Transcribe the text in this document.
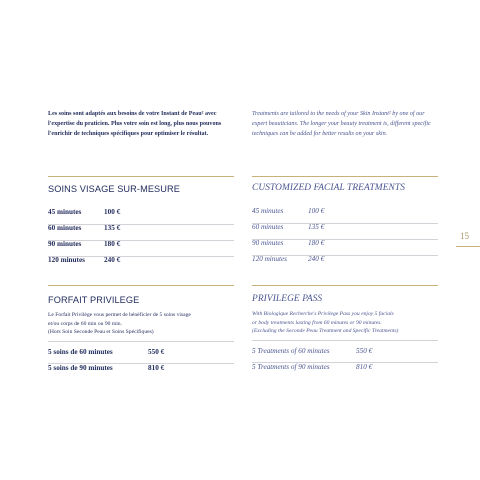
Les soins sont adaptés aux besoins de votre Instant de Peau² avec l'expertise du praticien. Plus votre soin est long, plus nous pouvons l'enrichir de techniques spécifiques pour optimiser le résultat.
Treatments are tailored to the needs of your Skin Instant² by one of our expert beauticians. The longer your beauty treatment is, different specific techniques can be added for better results on your skin.
SOINS VISAGE SUR-MESURE	CUSTOMIZED FACIAL TREATMENTS
45 minutes	100 €
60 minutes	135 €
90 minutes	180 €
120 minutes	240 €
45 minutes	100 €
60 minutes	135 €
90 minutes	180 €
120 minutes	240 €
FORFAIT PRIVILEGE	PRIVILEGE PASS
Le Forfait Privilège vous permet de bénéficier de 5 soins visage
et/ou corps de 60 min ou 90 min.
(Hors Soin Seconde Peau et Soins Spécifiques)
With Biologique Recherche's Privilege Pass you enjoy 5 facials
or body treatments lasting from 60 minutes or 90 minutes.
(Excluding the Seconde Peau Treatment and Specific Treatments)
5 soins de 60 minutes	550 €
5 soins de 90 minutes	810 €
5 Treatments of 60 minutes	550 €
5 Treatments of 90 minutes	810 €
15
